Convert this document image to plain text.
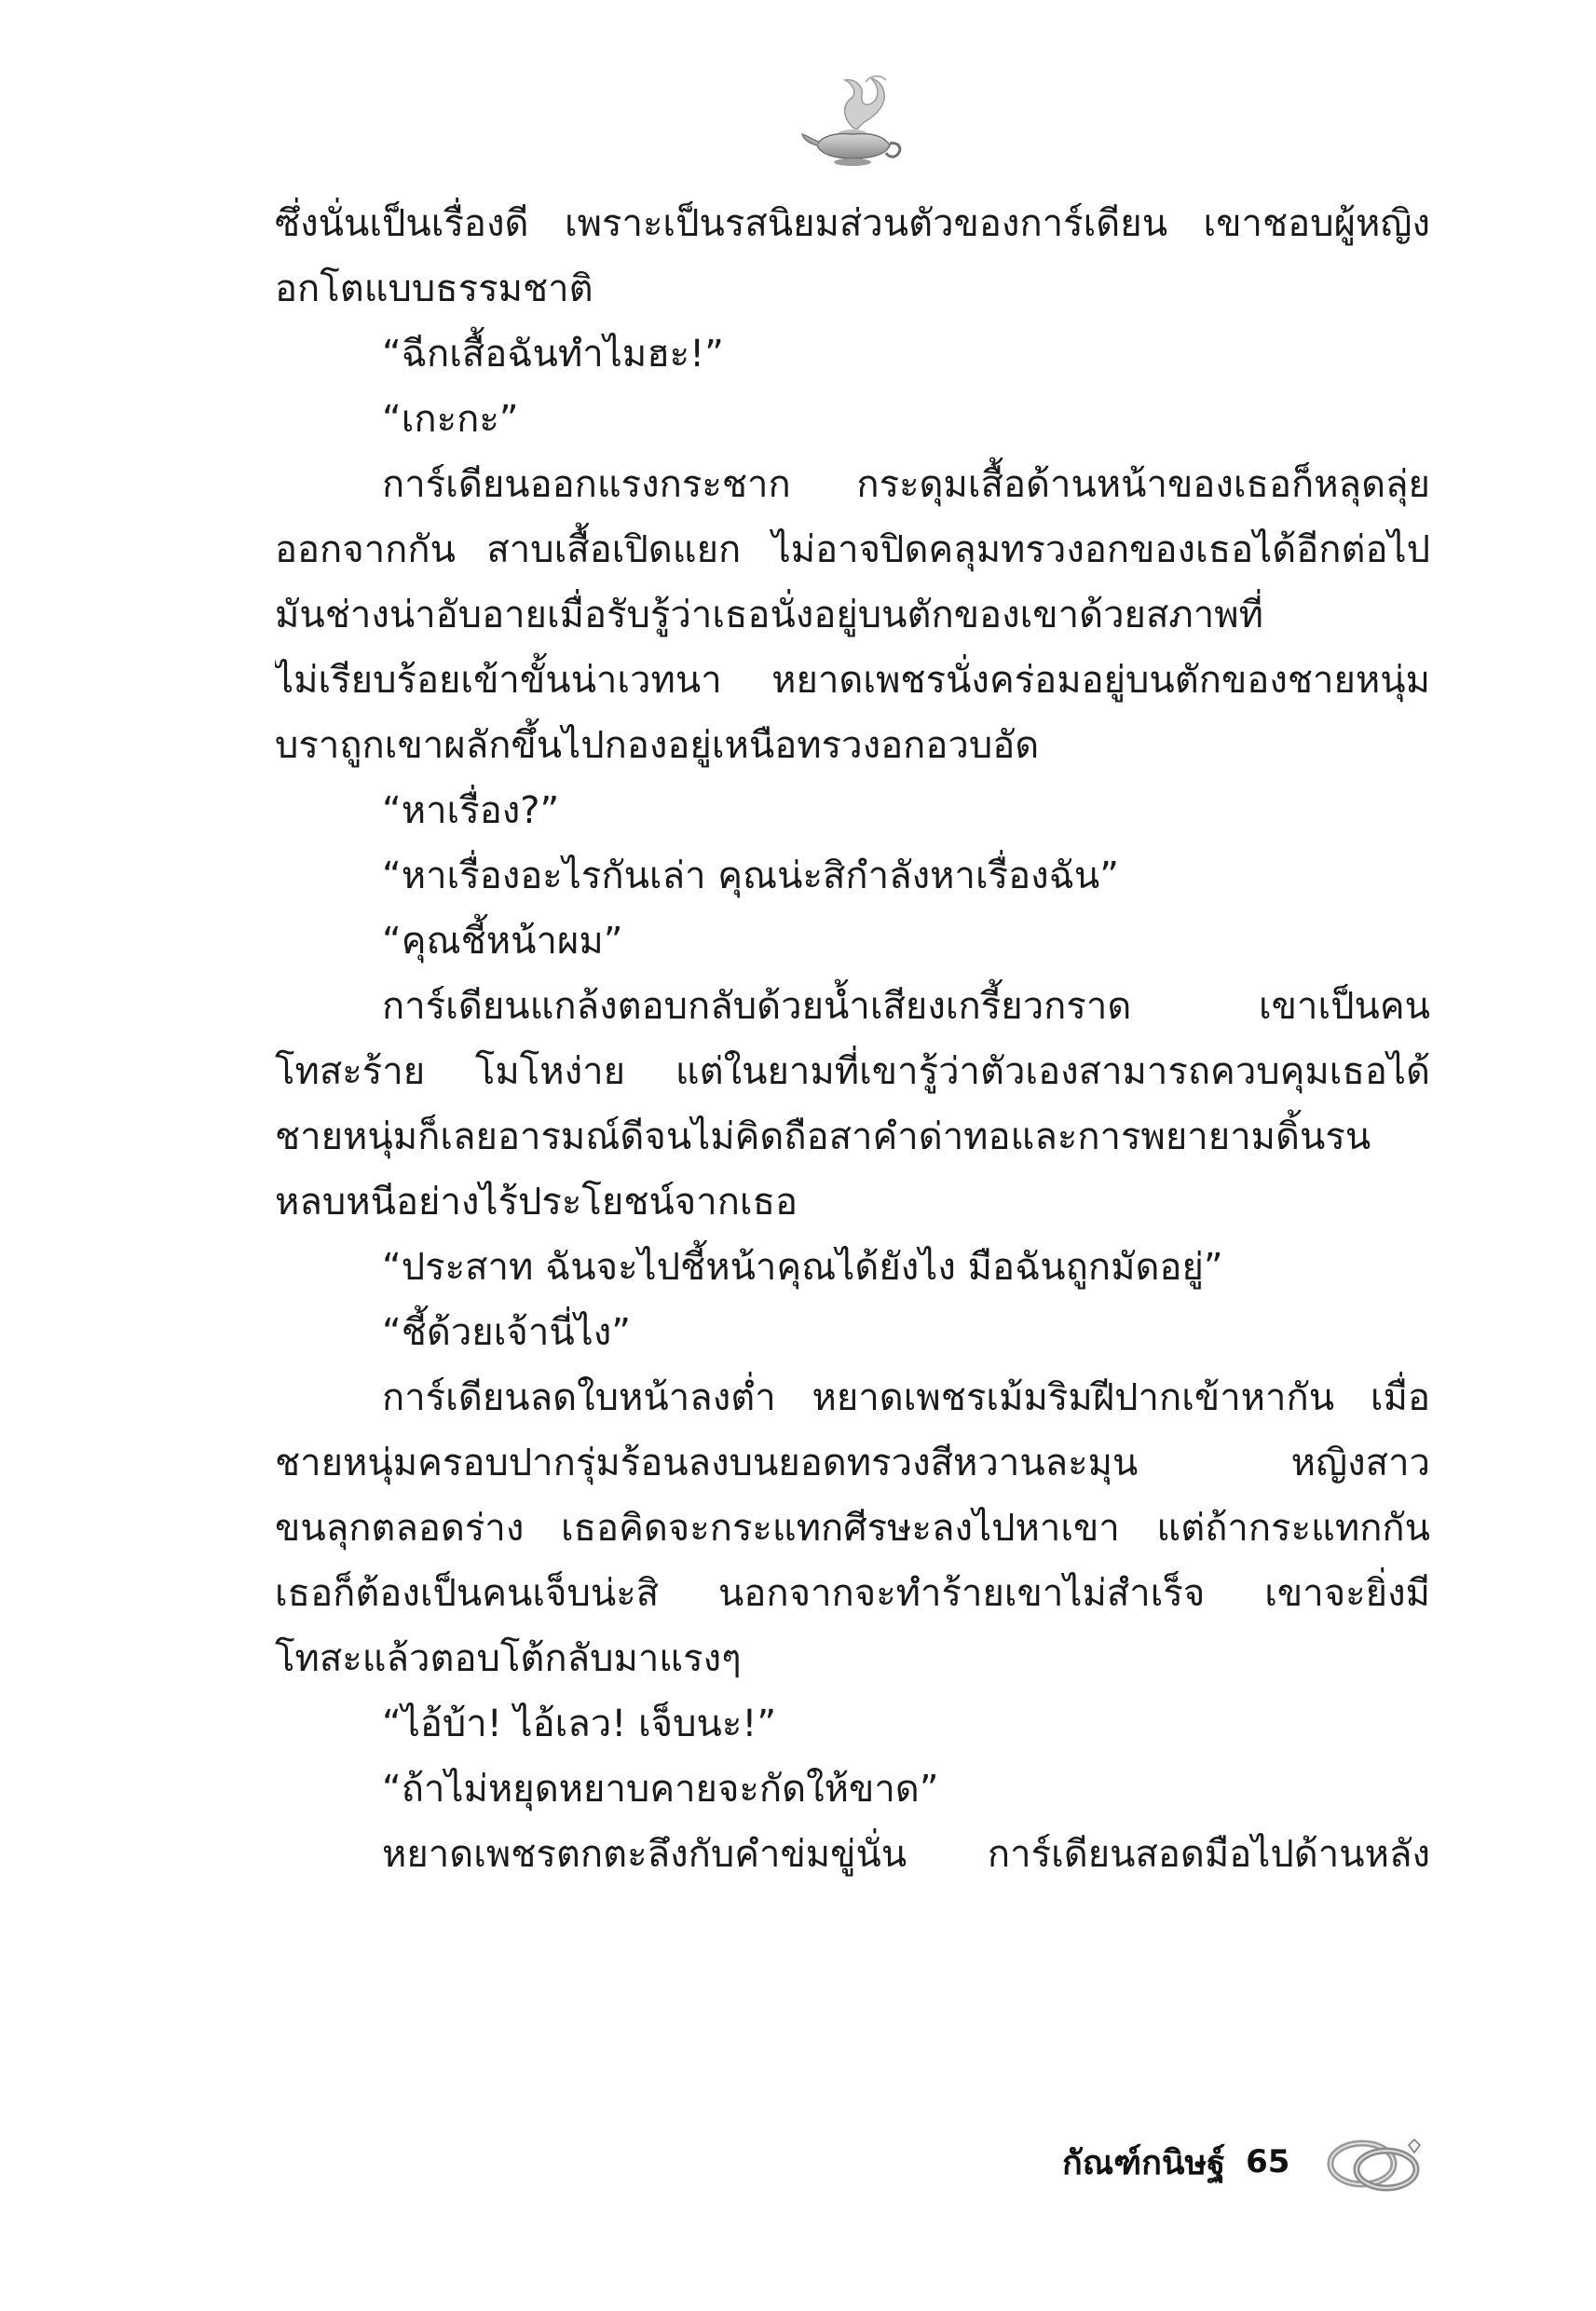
ซึ่งนั่นเป็นเรื่องดี เพราะเป็นรสนิยมส่วนตัวของการ์เดียน เขาชอบผู้หญิง
อกโตแบบธรรมชาติ
“ฉีกเสื้อฉันทำไมฮะ!”
“เกะกะ”
การ์เดียนออกแรงกระชาก กระดุมเสื้อด้านหน้าของเธอก็หลุดลุ่ย
ออกจากกัน สาบเสื้อเปิดแยก ไม่อาจปิดคลุมทรวงอกของเธอได้อีกต่อไป
มันช่างน่าอับอายเมื่อรับรู้ว่าเธอนั่งอยู่บนตักของเขาด้วยสภาพที่
ไม่เรียบร้อยเข้าขั้นน่าเวทนา หยาดเพชรนั่งคร่อมอยู่บนตักของชายหนุ่ม
บราถูกเขาผลักขึ้นไปกองอยู่เหนือทรวงอกอวบอัด
“หาเรื่อง?”
“หาเรื่องอะไรกันเล่า คุณน่ะสิกำลังหาเรื่องฉัน”
“คุณชี้หน้าผม”
การ์เดียนแกล้งตอบกลับด้วยน้ำเสียงเกรี้ยวกราด เขาเป็นคน
โทสะร้าย โมโหง่าย แต่ในยามที่เขารู้ว่าตัวเองสามารถควบคุมเธอได้
ชายหนุ่มก็เลยอารมณ์ดีจนไม่คิดถือสาคำด่าทอและการพยายามดิ้นรน
หลบหนีอย่างไร้ประโยชน์จากเธอ
“ประสาท ฉันจะไปชี้หน้าคุณได้ยังไง มือฉันถูกมัดอยู่”
“ชี้ด้วยเจ้านี่ไง”
การ์เดียนลดใบหน้าลงต่ำ หยาดเพชรเม้มริมฝีปากเข้าหากัน เมื่อ
ชายหนุ่มครอบปากรุ่มร้อนลงบนยอดทรวงสีหวานละมุน หญิงสาว
ขนลุกตลอดร่าง เธอคิดจะกระแทกศีรษะลงไปหาเขา แต่ถ้ากระแทกกัน
เธอก็ต้องเป็นคนเจ็บน่ะสิ นอกจากจะทำร้ายเขาไม่สำเร็จ เขาจะยิ่งมี
โทสะแล้วตอบโต้กลับมาแรงๆ
“ไอ้บ้า! ไอ้เลว! เจ็บนะ!”
“ถ้าไม่หยุดหยาบคายจะกัดให้ขาด”
หยาดเพชรตกตะลึงกับคำข่มขู่นั่น การ์เดียนสอดมือไปด้านหลัง
กัณฑ์กนิษฐ์ 65
